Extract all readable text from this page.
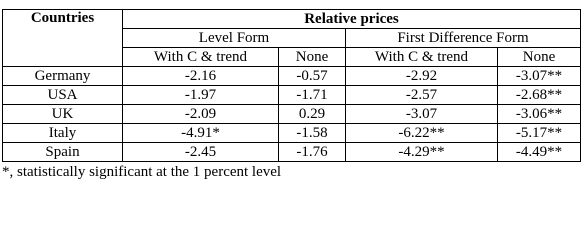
Countries	Relative prices			
	Level Form		First Difference Form	
	With C & trend	None	With C & trend	None
Germany	-2.16	-0.57	-2.92	-3.07**
USA	-1.97	-1.71	-2.57	-2.68**
UK	-2.09	0.29	-3.07	-3.06**
Italy	-4.91*	-1.58	-6.22**	-5.17**
Spain	-2.45	-1.76	-4.29**	-4.49**
*, statistically significant at the 1 percent level
